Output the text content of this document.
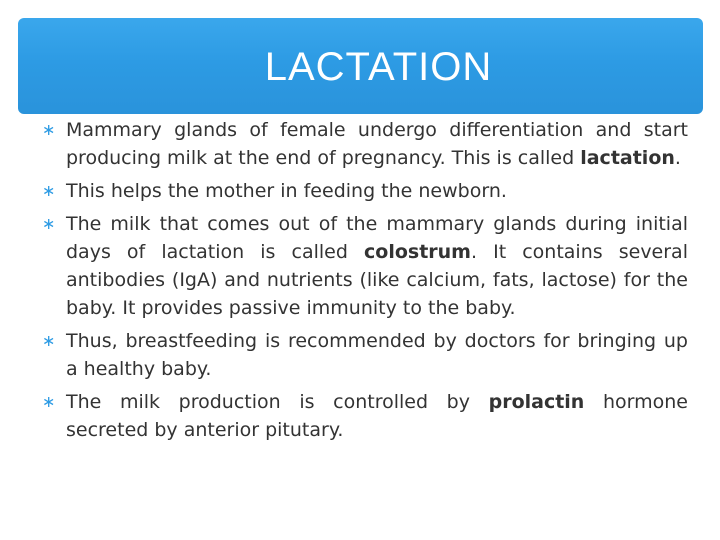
LACTATION

∗ Mammary glands of female undergo differentiation and start producing milk at the end of pregnancy. This is called lactation.

∗ This helps the mother in feeding the newborn.

∗ The milk that comes out of the mammary glands during initial days of lactation is called colostrum. It contains several antibodies (IgA) and nutrients (like calcium, fats, lactose) for the baby. It provides passive immunity to the baby.

∗ Thus, breastfeeding is recommended by doctors for bringing up a healthy baby.

∗ The milk production is controlled by prolactin hormone secreted by anterior pitutary.
